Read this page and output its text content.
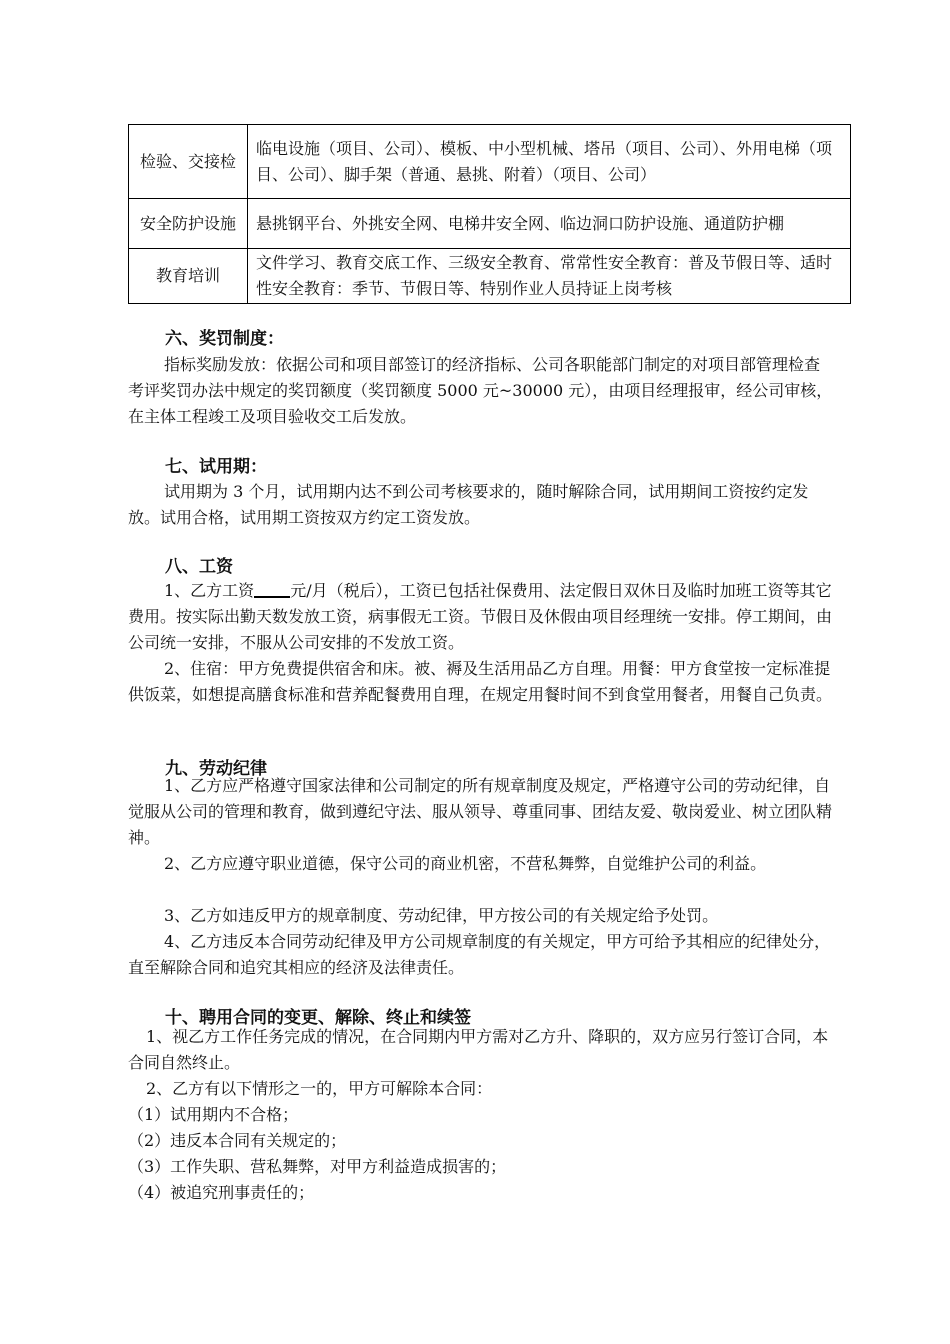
检验、交接检	临电设施（项目、公司）、模板、中小型机械、塔吊（项目、公司）、外用电梯（项目、公司）、脚手架（普通、悬挑、附着）（项目、公司）
安全防护设施	悬挑钢平台、外挑安全网、电梯井安全网、临边洞口防护设施、通道防护棚
教育培训	文件学习、教育交底工作、三级安全教育、常常性安全教育：普及节假日等、适时性安全教育：季节、节假日等、特别作业人员持证上岗考核
六、奖罚制度：
指标奖励发放：依据公司和项目部签订的经济指标、公司各职能部门制定的对项目部管理检查考评奖罚办法中规定的奖罚额度（奖罚额度 5000 元~30000 元），由项目经理报审，经公司审核，在主体工程竣工及项目验收交工后发放。
七、试用期：
试用期为 3 个月，试用期内达不到公司考核要求的，随时解除合同，试用期间工资按约定发放。试用合格，试用期工资按双方约定工资发放。
八、工资
1、乙方工资 元/月（税后），工资已包括社保费用、法定假日双休日及临时加班工资等其它费用。按实际出勤天数发放工资，病事假无工资。节假日及休假由项目经理统一安排。停工期间，由公司统一安排，不服从公司安排的不发放工资。
2、住宿：甲方免费提供宿舍和床。被、褥及生活用品乙方自理。用餐：甲方食堂按一定标准提供饭菜，如想提高膳食标准和营养配餐费用自理，在规定用餐时间不到食堂用餐者，用餐自己负责。
九、劳动纪律
1、乙方应严格遵守国家法律和公司制定的所有规章制度及规定，严格遵守公司的劳动纪律，自觉服从公司的管理和教育，做到遵纪守法、服从领导、尊重同事、团结友爱、敬岗爱业、树立团队精神。
2、乙方应遵守职业道德，保守公司的商业机密，不营私舞弊，自觉维护公司的利益。
3、乙方如违反甲方的规章制度、劳动纪律，甲方按公司的有关规定给予处罚。
4、乙方违反本合同劳动纪律及甲方公司规章制度的有关规定，甲方可给予其相应的纪律处分，直至解除合同和追究其相应的经济及法律责任。
十、聘用合同的变更、解除、终止和续签
1、视乙方工作任务完成的情况，在合同期内甲方需对乙方升、降职的，双方应另行签订合同，本合同自然终止。
2、乙方有以下情形之一的，甲方可解除本合同：
（1）试用期内不合格；
（2）违反本合同有关规定的；
（3）工作失职、营私舞弊，对甲方利益造成损害的；
（4）被追究刑事责任的；
